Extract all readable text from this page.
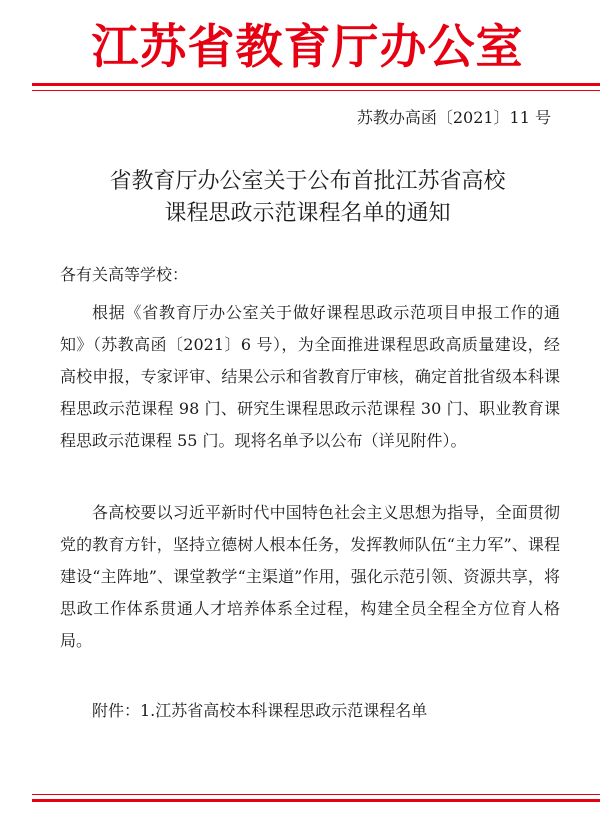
江苏省教育厅办公室
苏教办高函〔2021〕11 号
省教育厅办公室关于公布首批江苏省高校
课程思政示范课程名单的通知
各有关高等学校：
根据《省教育厅办公室关于做好课程思政示范项目申报工作的通知》（苏教高函〔2021〕6 号），为全面推进课程思政高质量建设，经高校申报，专家评审、结果公示和省教育厅审核，确定首批省级本科课程思政示范课程 98 门、研究生课程思政示范课程 30 门、职业教育课程思政示范课程 55 门。现将名单予以公布（详见附件）。
各高校要以习近平新时代中国特色社会主义思想为指导，全面贯彻党的教育方针，坚持立德树人根本任务，发挥教师队伍“主力军”、课程建设“主阵地”、课堂教学“主渠道”作用，强化示范引领、资源共享，将思政工作体系贯通人才培养体系全过程，构建全员全程全方位育人格局。
附件：1.江苏省高校本科课程思政示范课程名单
